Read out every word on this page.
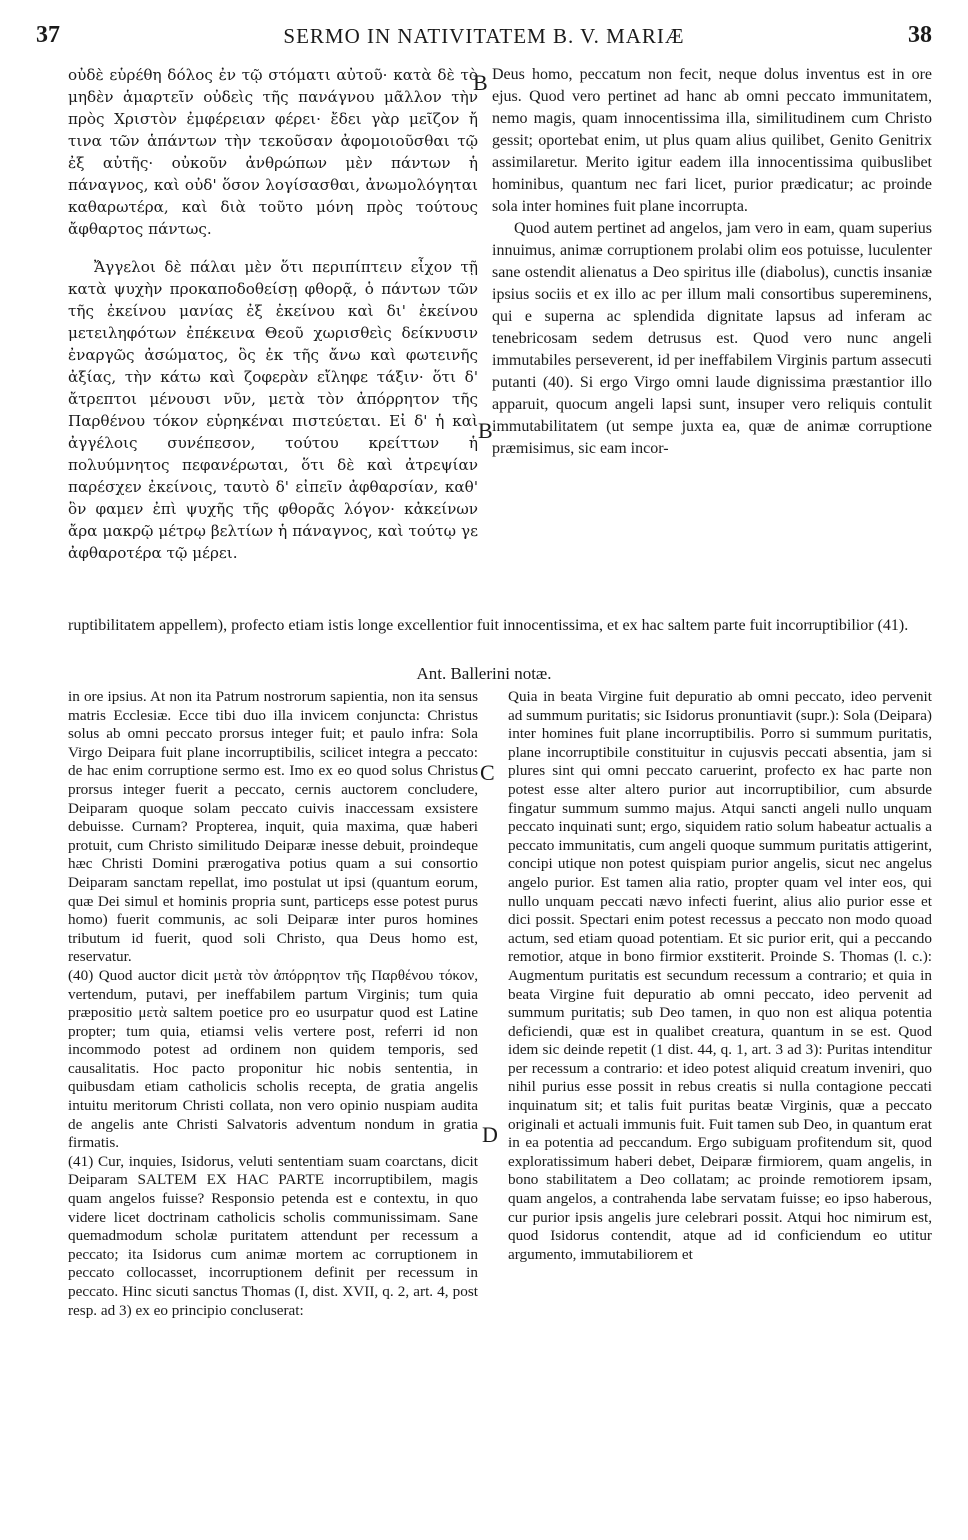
37	SERMO IN NATIVITATEM B. V. MARIÆ	38
B
B
C
D

οὐδὲ εὑρέθη δόλος ἐν τῷ στόματι αὐτοῦ· κατὰ δὲ τὸ μηδὲν ἁμαρτεῖν οὐδεὶς τῆς πανάγνου μᾶλλον τὴν πρὸς Χριστὸν ἐμφέρειαν φέρει· ἔδει γὰρ μεῖζον ἤ τινα τῶν ἁπάντων τὴν τεκοῦσαν ἀφομοιοῦσθαι τῷ ἐξ αὐτῆς· οὐκοῦν ἀνθρώπων μὲν πάντων ἡ πάναγνος, καὶ οὐδ' ὅσον λογίσασθαι, ἀνωμολόγηται καθαρωτέρα, καὶ διὰ τοῦτο μόνη πρὸς τούτους ἄφθαρτος πάντως.

Ἄγγελοι δὲ πάλαι μὲν ὅτι περιπίπτειν εἶχον τῇ κατὰ ψυχὴν προκαποδοθείσῃ φθορᾷ, ὁ πάντων τῶν τῆς ἐκείνου μανίας ἐξ ἐκείνου καὶ δι' ἐκείνου μετειληφότων ἐπέκεινα Θεοῦ χωρισθεὶς δείκνυσιν ἐναργῶς ἀσώματος, ὃς ἐκ τῆς ἄνω καὶ φωτεινῆς ἀξίας, τὴν κάτω καὶ ζοφερὰν εἴληφε τάξιν· ὅτι δ' ἄτρεπτοι μένουσι νῦν, μετὰ τὸν ἀπόρρητον τῆς Παρθένου τόκον εὑρηκέναι πιστεύεται. Εἰ δ' ἡ καὶ ἀγγέλοις συνέπεσον, τούτου κρείττων ἡ πολυύμνητος πεφανέρωται, ὅτι δὲ καὶ ἀτρεψίαν παρέσχεν ἐκείνοις, ταυτὸ δ' εἰπεῖν ἀφθαρσίαν, καθ' ὃν φαμεν ἐπὶ ψυχῆς τῆς φθορᾶς λόγον· κἀκείνων ἄρα μακρῷ μέτρῳ βελτίων ἡ πάναγνος, καὶ τούτῳ γε ἀφθαροτέρα τῷ μέρει.

Deus homo, peccatum non fecit, neque dolus inventus est in ore ejus. Quod vero pertinet ad hanc ab omni peccato immunitatem, nemo magis, quam innocentissima illa, similitudinem cum Christo gessit; oportebat enim, ut plus quam alius quilibet, Genito Genitrix assimilaretur. Merito igitur eadem illa innocentissima quibuslibet hominibus, quantum nec fari licet, purior prædicatur; ac proinde sola inter homines fuit plane incorrupta.

Quod autem pertinet ad angelos, jam vero in eam, quam superius innuimus, animæ corruptionem prolabi olim eos potuisse, luculenter sane ostendit alienatus a Deo spiritus ille (diabolus), cunctis insaniæ ipsius sociis et ex illo ac per illum mali consortibus supereminens, qui e superna ac splendida dignitate lapsus ad inferam ac tenebricosam sedem detrusus est. Quod vero nunc angeli immutabiles perseverent, id per ineffabilem Virginis partum assecuti putanti (40). Si ergo Virgo omni laude dignissima præstantior illo apparuit, quocum angeli lapsi sunt, insuper vero reliquis contulit immutabilitatem (ut sempe juxta ea, quæ de animæ corruptione præmisimus, sic eam incor-

ruptibilitatem appellem), profecto etiam istis longe excellentior fuit innocentissima, et ex hac saltem parte fuit incorruptibilior (41).
Ant. Ballerini notæ.

in ore ipsius. At non ita Patrum nostrorum sapientia, non ita sensus matris Ecclesiæ. Ecce tibi duo illa invicem conjuncta: Christus solus ab omni peccato prorsus integer fuit; et paulo infra: Sola Virgo Deipara fuit plane incorruptibilis, scilicet integra a peccato: de hac enim corruptione sermo est. Imo ex eo quod solus Christus prorsus integer fuerit a peccato, cernis auctorem concludere, Deiparam quoque solam peccato cuivis inaccessam exsistere debuisse. Curnam? Propterea, inquit, quia maxima, quæ haberi protuit, cum Christo similitudo Deiparæ inesse debuit, proindeque hæc Christi Domini prærogativa potius quam a sui consortio Deiparam sanctam repellat, imo postulat ut ipsi (quantum eorum, quæ Dei simul et hominis propria sunt, particeps esse potest purus homo) fuerit communis, ac soli Deiparæ inter puros homines tributum id fuerit, quod soli Christo, qua Deus homo est, reservatur.

(40) Quod auctor dicit μετὰ τὸν ἀπόρρητον τῆς Παρθένου τόκον, vertendum, putavi, per ineffabilem partum Virginis; tum quia præpositio μετὰ saltem poetice pro eo usurpatur quod est Latine propter; tum quia, etiamsi velis vertere post, referri id non incommodo potest ad ordinem non quidem temporis, sed causalitatis. Hoc pacto proponitur hic nobis sententia, in quibusdam etiam catholicis scholis recepta, de gratia angelis intuitu meritorum Christi collata, non vero opinio nuspiam audita de angelis ante Christi Salvatoris adventum nondum in gratia firmatis.

(41) Cur, inquies, Isidorus, veluti sententiam suam coarctans, dicit Deiparam SALTEM EX HAC PARTE incorruptibilem, magis quam angelos fuisse? Responsio petenda est e contextu, in quo videre licet doctrinam catholicis scholis communissimam. Sane quemadmodum scholæ puritatem attendunt per recessum a peccato; ita Isidorus cum animæ mortem ac corruptionem in peccato collocasset, incorruptionem definit per recessum in peccato. Hinc sicuti sanctus Thomas (I, dist. XVII, q. 2, art. 4, post resp. ad 3) ex eo principio concluserat:

Quia in beata Virgine fuit depuratio ab omni peccato, ideo pervenit ad summum puritatis; sic Isidorus pronuntiavit (supr.): Sola (Deipara) inter homines fuit plane incorruptibilis. Porro si summum puritatis, plane incorruptibile constituitur in cujusvis peccati absentia, jam si plures sint qui omni peccato caruerint, profecto ex hac parte non potest esse alter altero purior aut incorruptibilior, cum absurde fingatur summum summo majus. Atqui sancti angeli nullo unquam peccato inquinati sunt; ergo, siquidem ratio solum habeatur actualis a peccato immunitatis, cum angeli quoque summum puritatis attigerint, concipi utique non potest quispiam purior angelis, sicut nec angelus angelo purior. Est tamen alia ratio, propter quam vel inter eos, qui nullo unquam peccati nævo infecti fuerint, alius alio purior esse et dici possit. Spectari enim potest recessus a peccato non modo quoad actum, sed etiam quoad potentiam. Et sic purior erit, qui a peccando remotior, atque in bono firmior exstiterit. Proinde S. Thomas (l. c.): Augmentum puritatis est secundum recessum a contrario; et quia in beata Virgine fuit depuratio ab omni peccato, ideo pervenit ad summum puritatis; sub Deo tamen, in quo non est aliqua potentia deficiendi, quæ est in qualibet creatura, quantum in se est. Quod idem sic deinde repetit (1 dist. 44, q. 1, art. 3 ad 3): Puritas intenditur per recessum a contrario: et ideo potest aliquid creatum inveniri, quo nihil purius esse possit in rebus creatis si nulla contagione peccati inquinatum sit; et talis fuit puritas beatæ Virginis, quæ a peccato originali et actuali immunis fuit. Fuit tamen sub Deo, in quantum erat in ea potentia ad peccandum. Ergo subiguam profitendum sit, quod exploratissimum haberi debet, Deiparæ firmiorem, quam angelis, in bono stabilitatem a Deo collatam; ac proinde remotiorem ipsam, quam angelos, a contrahenda labe servatam fuisse; eo ipso haberous, cur purior ipsis angelis jure celebrari possit. Atqui hoc nimirum est, quod Isidorus contendit, atque ad id conficiendum eo utitur argumento, immutabiliorem et
